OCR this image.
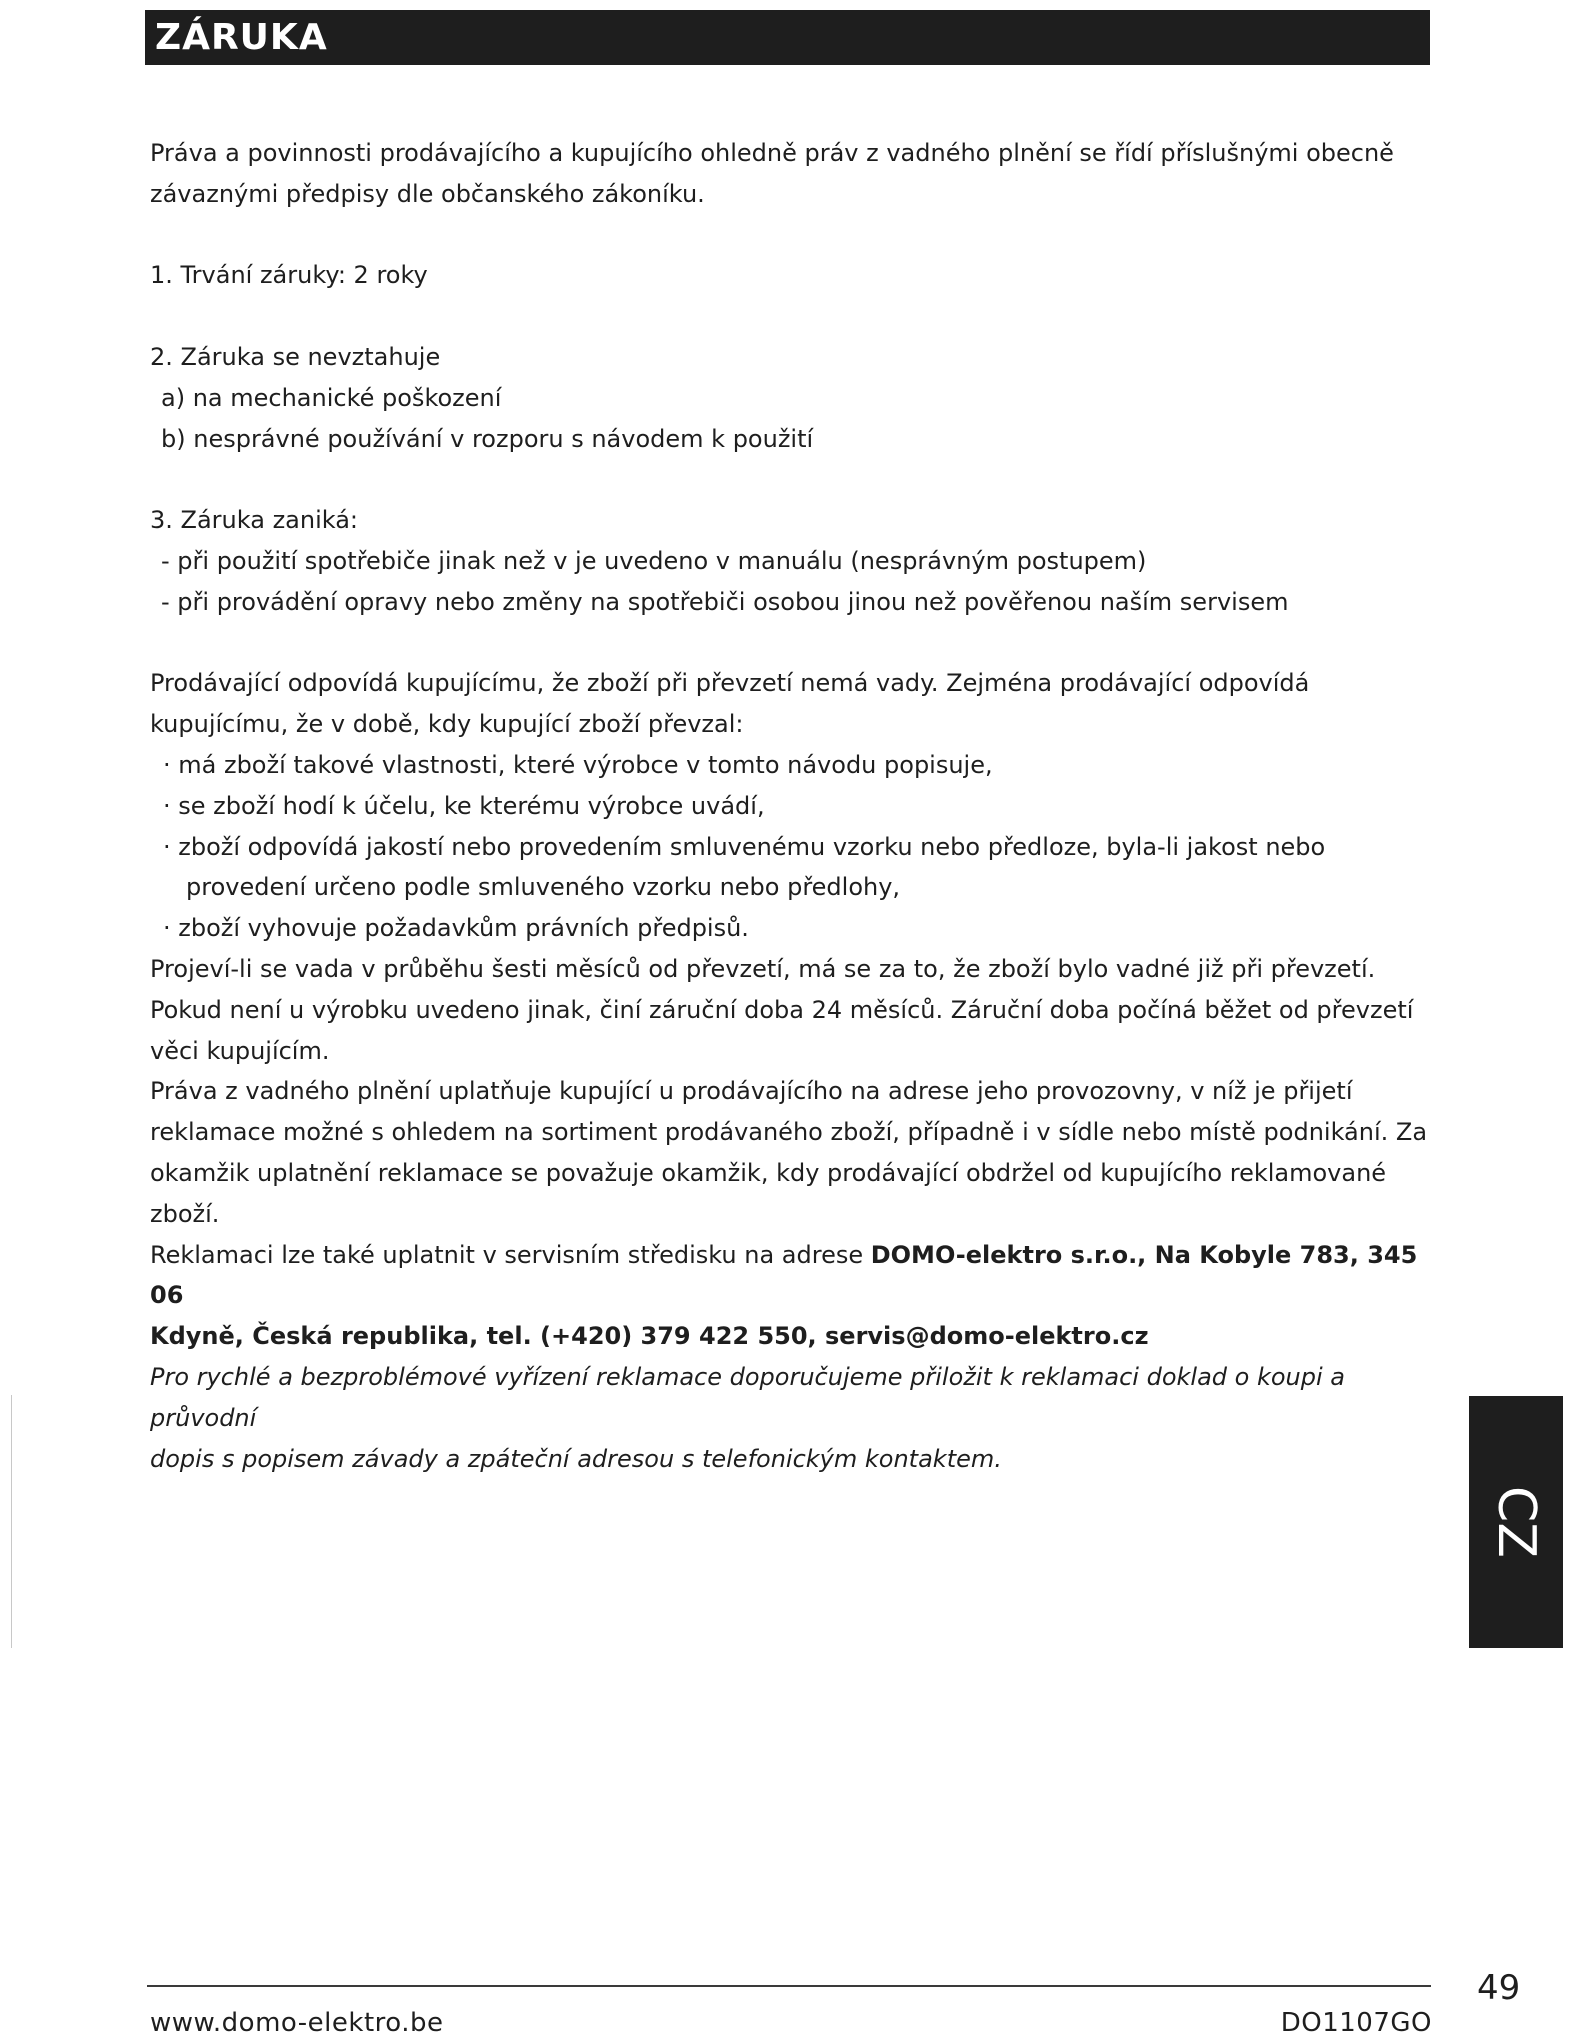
ZÁRUKA

Práva a povinnosti prodávajícího a kupujícího ohledně práv z vadného plnění se řídí příslušnými obecně

závaznými předpisy dle občanského zákoníku.

1. Trvání záruky: 2 roky

2. Záruka se nevztahuje

a) na mechanické poškození

b) nesprávné používání v rozporu s návodem k použití

3. Záruka zaniká:

- při použití spotřebiče jinak než v je uvedeno v manuálu (nesprávným postupem)

- při provádění opravy nebo změny na spotřebiči osobou jinou než pověřenou naším servisem

Prodávající odpovídá kupujícímu, že zboží při převzetí nemá vady. Zejména prodávající odpovídá

kupujícímu, že v době, kdy kupující zboží převzal:

· má zboží takové vlastnosti, které výrobce v tomto návodu popisuje,

· se zboží hodí k účelu, ke kterému výrobce uvádí,

· zboží odpovídá jakostí nebo provedením smluvenému vzorku nebo předloze, byla-li jakost nebo

provedení určeno podle smluveného vzorku nebo předlohy,

· zboží vyhovuje požadavkům právních předpisů.

Projeví-li se vada v průběhu šesti měsíců od převzetí, má se za to, že zboží bylo vadné již při převzetí.

Pokud není u výrobku uvedeno jinak, činí záruční doba 24 měsíců. Záruční doba počíná běžet od převzetí

věci kupujícím.

Práva z vadného plnění uplatňuje kupující u prodávajícího na adrese jeho provozovny, v níž je přijetí

reklamace možné s ohledem na sortiment prodávaného zboží, případně i v sídle nebo místě podnikání. Za

okamžik uplatnění reklamace se považuje okamžik, kdy prodávající obdržel od kupujícího reklamované

zboží.

Reklamaci lze také uplatnit v servisním středisku na adrese DOMO-elektro s.r.o., Na Kobyle 783, 345 06

Kdyně, Česká republika, tel. (+420) 379 422 550, servis@domo-elektro.cz

Pro rychlé a bezproblémové vyřízení reklamace doporučujeme přiložit k reklamaci doklad o koupi a průvodní

dopis s popisem závady a zpáteční adresou s telefonickým kontaktem.

CZ
49
www.domo-elektro.be	DO1107GO
